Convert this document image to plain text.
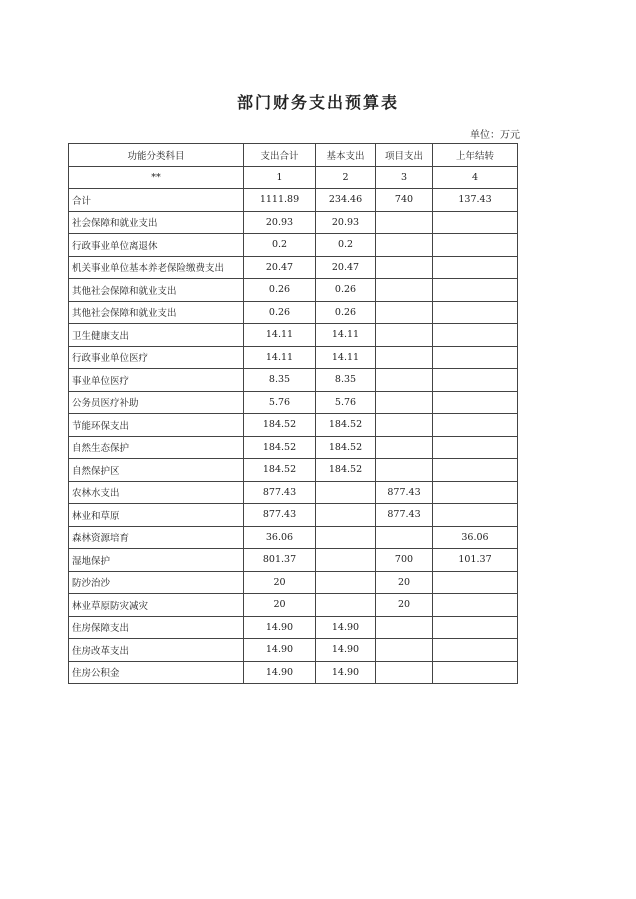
部门财务支出预算表
单位：万元
功能分类科目	支出合计	基本支出	项目支出	上年结转
**	1	2	3	4
合计	1111.89	234.46	740	137.43
社会保障和就业支出	20.93	20.93		
行政事业单位离退休	0.2	0.2		
机关事业单位基本养老保险缴费支出	20.47	20.47		
其他社会保障和就业支出	0.26	0.26		
其他社会保障和就业支出	0.26	0.26		
卫生健康支出	14.11	14.11		
行政事业单位医疗	14.11	14.11		
事业单位医疗	8.35	8.35		
公务员医疗补助	5.76	5.76		
节能环保支出	184.52	184.52		
自然生态保护	184.52	184.52		
自然保护区	184.52	184.52		
农林水支出	877.43		877.43	
林业和草原	877.43		877.43	
森林资源培育	36.06			36.06
湿地保护	801.37		700	101.37
防沙治沙	20		20	
林业草原防灾减灾	20		20	
住房保障支出	14.90	14.90		
住房改革支出	14.90	14.90		
住房公积金	14.90	14.90		
